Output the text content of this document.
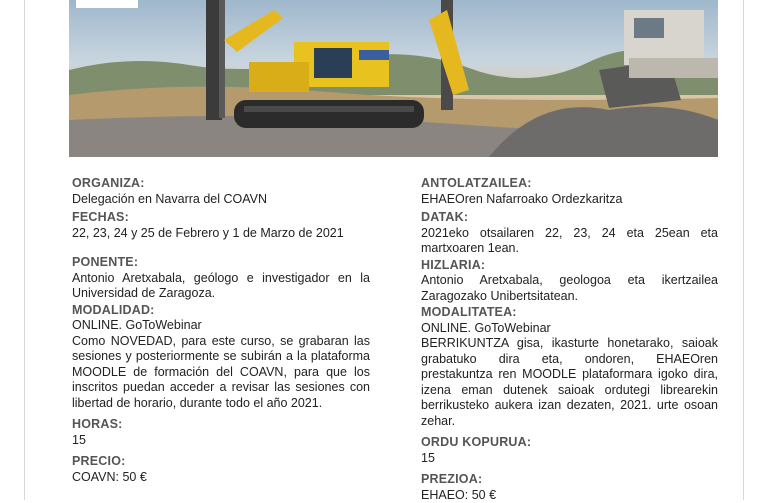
ORGANIZA:
Delegación en Navarra del COAVN
FECHAS:
22, 23, 24 y 25 de Febrero y 1 de Marzo de 2021
PONENTE:
Antonio Aretxabala, geólogo e investigador en la Universidad de Zaragoza.
MODALIDAD:
ONLINE. GoToWebinar
Como NOVEDAD, para este curso, se grabaran las sesiones y posteriormente se subirán a la plataforma MOODLE de formación del COAVN, para que los inscritos puedan acceder a revisar las sesiones con libertad de horario, durante todo el año 2021.
HORAS:
15
PRECIO:
COAVN: 50 €
ANTOLATZAILEA:
EHAEOren Nafarroako Ordezkaritza
DATAK:
2021eko otsailaren 22, 23, 24 eta 25ean eta martxoaren 1ean.
HIZLARIA:
Antonio Aretxabala, geologoa eta ikertzailea Zaragozako Unibertsitatean.
MODALITATEA:
ONLINE. GoToWebinar
BERRIKUNTZA gisa, ikasturte honetarako, saioak grabatuko dira eta, ondoren, EHAEOren prestakuntza ren MOODLE plataformara igoko dira, izena eman dutenek saioak ordutegi librearekin berrikusteko aukera izan dezaten, 2021. urte osoan zehar.
ORDU KOPURUA:
15
PREZIOA:
EHAEO: 50 €
